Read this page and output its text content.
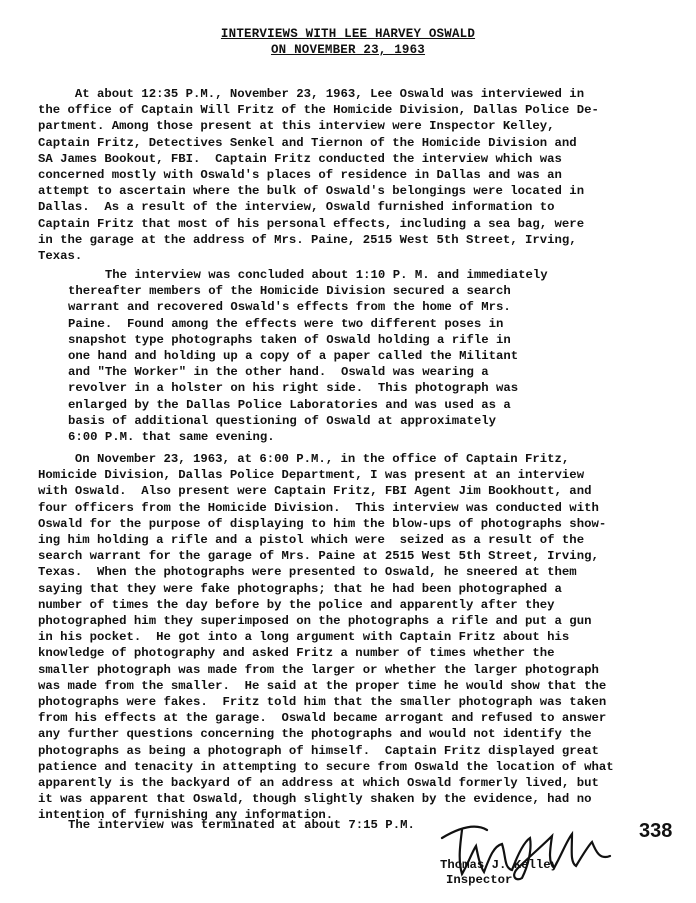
INTERVIEWS WITH LEE HARVEY OSWALD
ON NOVEMBER 23, 1963
At about 12:35 P.M., November 23, 1963, Lee Oswald was interviewed in
the office of Captain Will Fritz of the Homicide Division, Dallas Police De-
partment. Among those present at this interview were Inspector Kelley,
Captain Fritz, Detectives Senkel and Tiernon of the Homicide Division and
SA James Bookout, FBI.  Captain Fritz conducted the interview which was
concerned mostly with Oswald's places of residence in Dallas and was an
attempt to ascertain where the bulk of Oswald's belongings were located in
Dallas.  As a result of the interview, Oswald furnished information to
Captain Fritz that most of his personal effects, including a sea bag, were
in the garage at the address of Mrs. Paine, 2515 West 5th Street, Irving,
Texas.
The interview was concluded about 1:10 P. M. and immediately
thereafter members of the Homicide Division secured a search
warrant and recovered Oswald's effects from the home of Mrs.
Paine.  Found among the effects were two different poses in
snapshot type photographs taken of Oswald holding a rifle in
one hand and holding up a copy of a paper called the Militant
and "The Worker" in the other hand.  Oswald was wearing a
revolver in a holster on his right side.  This photograph was
enlarged by the Dallas Police Laboratories and was used as a
basis of additional questioning of Oswald at approximately
6:00 P.M. that same evening.
On November 23, 1963, at 6:00 P.M., in the office of Captain Fritz,
Homicide Division, Dallas Police Department, I was present at an interview
with Oswald.  Also present were Captain Fritz, FBI Agent Jim Bookhoutt, and
four officers from the Homicide Division.  This interview was conducted with
Oswald for the purpose of displaying to him the blow-ups of photographs show-
ing him holding a rifle and a pistol which were  seized as a result of the
search warrant for the garage of Mrs. Paine at 2515 West 5th Street, Irving,
Texas.  When the photographs were presented to Oswald, he sneered at them
saying that they were fake photographs; that he had been photographed a
number of times the day before by the police and apparently after they
photographed him they superimposed on the photographs a rifle and put a gun
in his pocket.  He got into a long argument with Captain Fritz about his
knowledge of photography and asked Fritz a number of times whether the
smaller photograph was made from the larger or whether the larger photograph
was made from the smaller.  He said at the proper time he would show that the
photographs were fakes.  Fritz told him that the smaller photograph was taken
from his effects at the garage.  Oswald became arrogant and refused to answer
any further questions concerning the photographs and would not identify the
photographs as being a photograph of himself.  Captain Fritz displayed great
patience and tenacity in attempting to secure from Oswald the location of what
apparently is the backyard of an address at which Oswald formerly lived, but
it was apparent that Oswald, though slightly shaken by the evidence, had no
intention of furnishing any information.
The interview was terminated at about 7:15 P.M.	338
Thomas J. Kelley
Inspector
